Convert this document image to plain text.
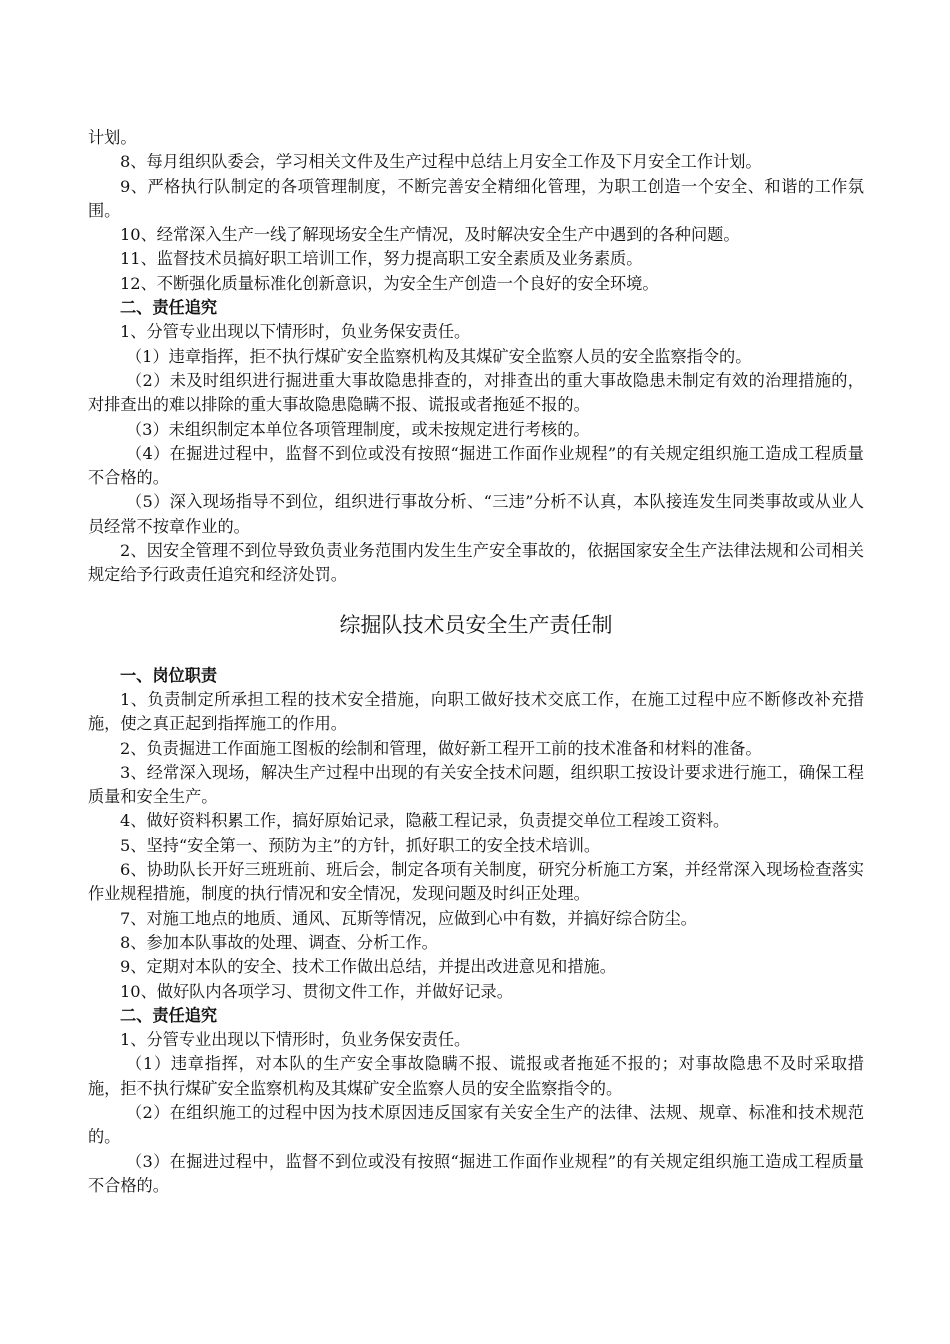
计划。

8、每月组织队委会，学习相关文件及生产过程中总结上月安全工作及下月安全工作计划。

9、严格执行队制定的各项管理制度，不断完善安全精细化管理，为职工创造一个安全、和谐的工作氛围。

10、经常深入生产一线了解现场安全生产情况，及时解决安全生产中遇到的各种问题。

11、监督技术员搞好职工培训工作，努力提高职工安全素质及业务素质。

12、不断强化质量标准化创新意识，为安全生产创造一个良好的安全环境。

二、责任追究

1、分管专业出现以下情形时，负业务保安责任。

（1）违章指挥，拒不执行煤矿安全监察机构及其煤矿安全监察人员的安全监察指令的。

（2）未及时组织进行掘进重大事故隐患排查的，对排查出的重大事故隐患未制定有效的治理措施的，对排查出的难以排除的重大事故隐患隐瞒不报、谎报或者拖延不报的。

（3）未组织制定本单位各项管理制度，或未按规定进行考核的。

（4）在掘进过程中，监督不到位或没有按照“掘进工作面作业规程”的有关规定组织施工造成工程质量不合格的。

（5）深入现场指导不到位，组织进行事故分析、“三违”分析不认真，本队接连发生同类事故或从业人员经常不按章作业的。

2、因安全管理不到位导致负责业务范围内发生生产安全事故的，依据国家安全生产法律法规和公司相关规定给予行政责任追究和经济处罚。

综掘队技术员安全生产责任制

一、岗位职责

1、负责制定所承担工程的技术安全措施，向职工做好技术交底工作，在施工过程中应不断修改补充措施，使之真正起到指挥施工的作用。

2、负责掘进工作面施工图板的绘制和管理，做好新工程开工前的技术准备和材料的准备。

3、经常深入现场，解决生产过程中出现的有关安全技术问题，组织职工按设计要求进行施工，确保工程质量和安全生产。

4、做好资料积累工作，搞好原始记录，隐蔽工程记录，负责提交单位工程竣工资料。

5、坚持“安全第一、预防为主”的方针，抓好职工的安全技术培训。

6、协助队长开好三班班前、班后会，制定各项有关制度，研究分析施工方案，并经常深入现场检查落实作业规程措施，制度的执行情况和安全情况，发现问题及时纠正处理。

7、对施工地点的地质、通风、瓦斯等情况，应做到心中有数，并搞好综合防尘。

8、参加本队事故的处理、调查、分析工作。

9、定期对本队的安全、技术工作做出总结，并提出改进意见和措施。

10、做好队内各项学习、贯彻文件工作，并做好记录。

二、责任追究

1、分管专业出现以下情形时，负业务保安责任。

（1）违章指挥，对本队的生产安全事故隐瞒不报、谎报或者拖延不报的；对事故隐患不及时采取措施，拒不执行煤矿安全监察机构及其煤矿安全监察人员的安全监察指令的。

（2）在组织施工的过程中因为技术原因违反国家有关安全生产的法律、法规、规章、标准和技术规范的。

（3）在掘进过程中，监督不到位或没有按照“掘进工作面作业规程”的有关规定组织施工造成工程质量不合格的。
